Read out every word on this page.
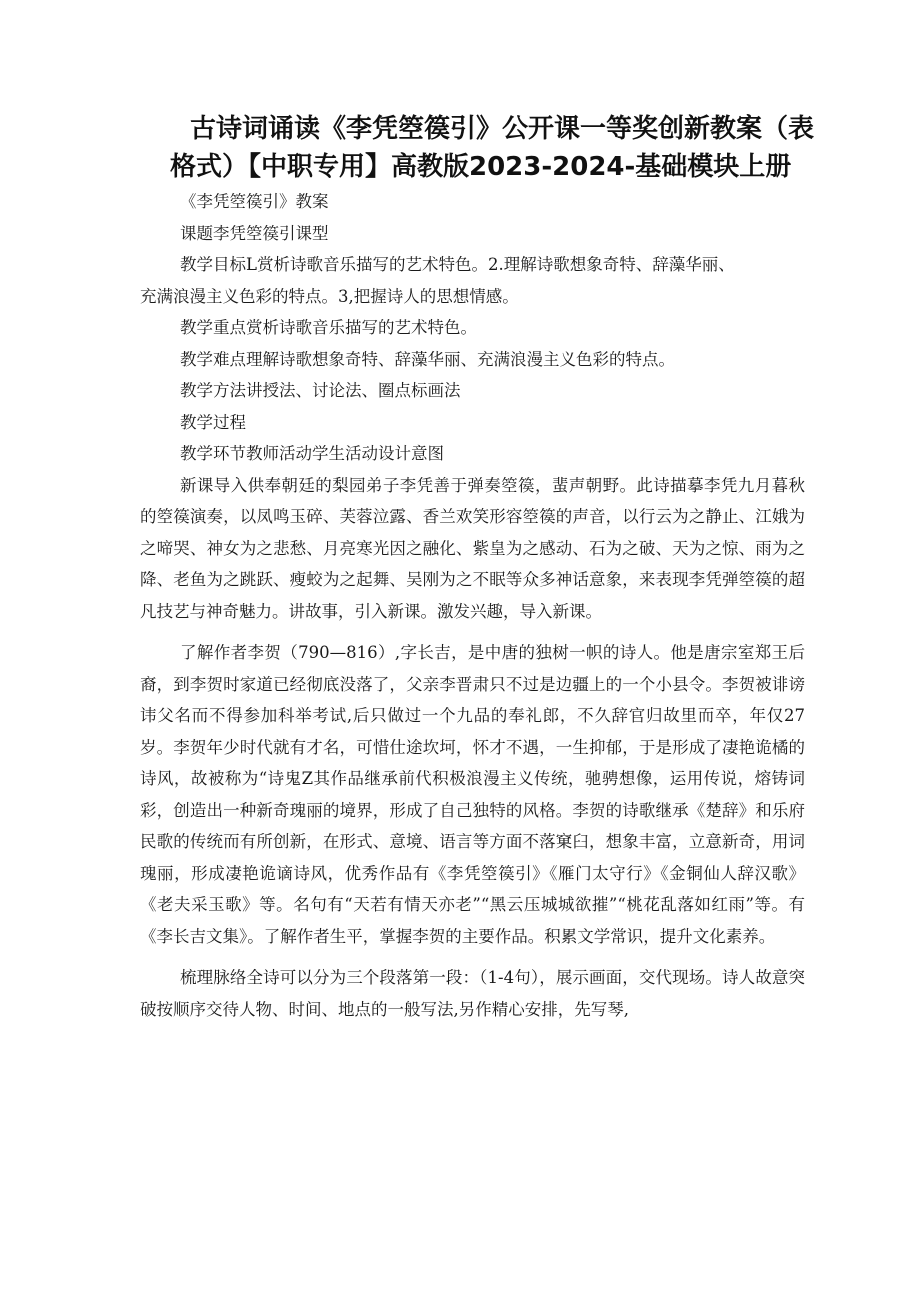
古诗词诵读《李凭箜篌引》公开课一等奖创新教案（表
格式）【中职专用】高教版2023-2024-基础模块上册
《李凭箜篌引》教案
课题李凭箜篌引课型
教学目标L赏析诗歌音乐描写的艺术特色。2.理解诗歌想象奇特、辞藻华丽、
充满浪漫主义色彩的特点。3,把握诗人的思想情感。
教学重点赏析诗歌音乐描写的艺术特色。
教学难点理解诗歌想象奇特、辞藻华丽、充满浪漫主义色彩的特点。
教学方法讲授法、讨论法、圈点标画法
教学过程
教学环节教师活动学生活动设计意图

新课导入供奉朝廷的梨园弟子李凭善于弹奏箜篌，蜚声朝野。此诗描摹李凭九月暮秋的箜篌演奏，以凤鸣玉碎、芙蓉泣露、香兰欢笑形容箜篌的声音，以行云为之静止、江娥为之啼哭、神女为之悲愁、月亮寒光因之融化、紫皇为之感动、石为之破、天为之惊、雨为之降、老鱼为之跳跃、瘦蛟为之起舞、吴刚为之不眠等众多神话意象，来表现李凭弹箜篌的超凡技艺与神奇魅力。讲故事，引入新课。激发兴趣，导入新课。

了解作者李贺（790—816）,字长吉，是中唐的独树一帜的诗人。他是唐宗室郑王后裔，到李贺时家道已经彻底没落了，父亲李晋肃只不过是边疆上的一个小县令。李贺被诽谤讳父名而不得参加科举考试,后只做过一个九品的奉礼郎，不久辞官归故里而卒，年仅27岁。李贺年少时代就有才名，可惜仕途坎坷，怀才不遇，一生抑郁，于是形成了凄艳诡橘的诗风，故被称为“诗鬼Z其作品继承前代积极浪漫主义传统，驰骋想像，运用传说，熔铸词彩，创造出一种新奇瑰丽的境界，形成了自己独特的风格。李贺的诗歌继承《楚辞》和乐府民歌的传统而有所创新，在形式、意境、语言等方面不落窠臼，想象丰富，立意新奇，用词瑰丽，形成凄艳诡谪诗风，优秀作品有《李凭箜篌引》《雁门太守行》《金铜仙人辞汉歌》《老夫采玉歌》等。名句有“天若有情天亦老”“黑云压城城欲摧”“桃花乱落如红雨”等。有《李长吉文集》。了解作者生平，掌握李贺的主要作品。积累文学常识，提升文化素养。

梳理脉络全诗可以分为三个段落第一段：（1-4句），展示画面，交代现场。诗人故意突破按顺序交待人物、时间、地点的一般写法,另作精心安排，先写琴,
